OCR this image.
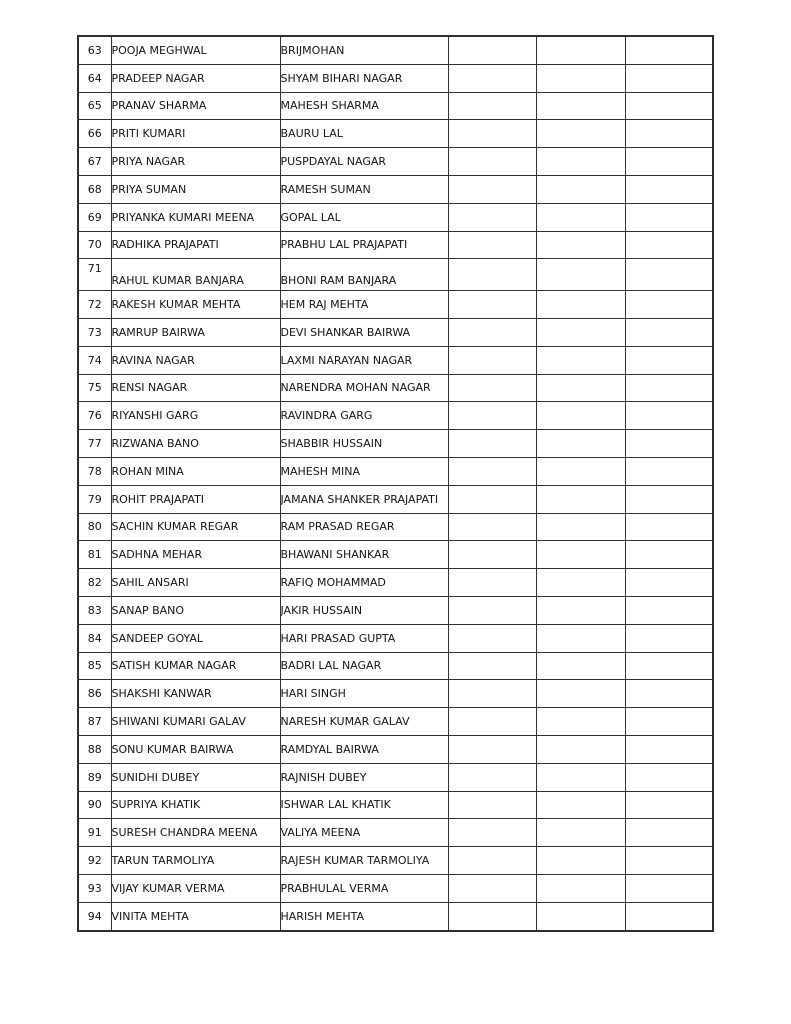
63	POOJA MEGHWAL	BRIJMOHAN			
64	PRADEEP NAGAR	SHYAM BIHARI NAGAR			
65	PRANAV SHARMA	MAHESH SHARMA			
66	PRITI KUMARI	BAURU LAL			
67	PRIYA NAGAR	PUSPDAYAL NAGAR			
68	PRIYA SUMAN	RAMESH SUMAN			
69	PRIYANKA KUMARI MEENA	GOPAL LAL			
70	RADHIKA PRAJAPATI	PRABHU LAL PRAJAPATI			
71	RAHUL KUMAR BANJARA	BHONI RAM BANJARA			
72	RAKESH KUMAR MEHTA	HEM RAJ MEHTA			
73	RAMRUP BAIRWA	DEVI SHANKAR BAIRWA			
74	RAVINA NAGAR	LAXMI NARAYAN NAGAR			
75	RENSI NAGAR	NARENDRA MOHAN NAGAR			
76	RIYANSHI GARG	RAVINDRA GARG			
77	RIZWANA BANO	SHABBIR HUSSAIN			
78	ROHAN MINA	MAHESH MINA			
79	ROHIT PRAJAPATI	JAMANA SHANKER PRAJAPATI			
80	SACHIN KUMAR REGAR	RAM PRASAD REGAR			
81	SADHNA MEHAR	BHAWANI SHANKAR			
82	SAHIL ANSARI	RAFIQ MOHAMMAD			
83	SANAP BANO	JAKIR HUSSAIN			
84	SANDEEP GOYAL	HARI PRASAD GUPTA			
85	SATISH KUMAR NAGAR	BADRI LAL NAGAR			
86	SHAKSHI KANWAR	HARI SINGH			
87	SHIWANI KUMARI GALAV	NARESH KUMAR GALAV			
88	SONU KUMAR BAIRWA	RAMDYAL BAIRWA			
89	SUNIDHI DUBEY	RAJNISH DUBEY			
90	SUPRIYA KHATIK	ISHWAR LAL KHATIK			
91	SURESH CHANDRA MEENA	VALIYA MEENA			
92	TARUN TARMOLIYA	RAJESH KUMAR TARMOLIYA			
93	VIJAY KUMAR VERMA	PRABHULAL VERMA			
94	VINITA MEHTA	HARISH MEHTA			
